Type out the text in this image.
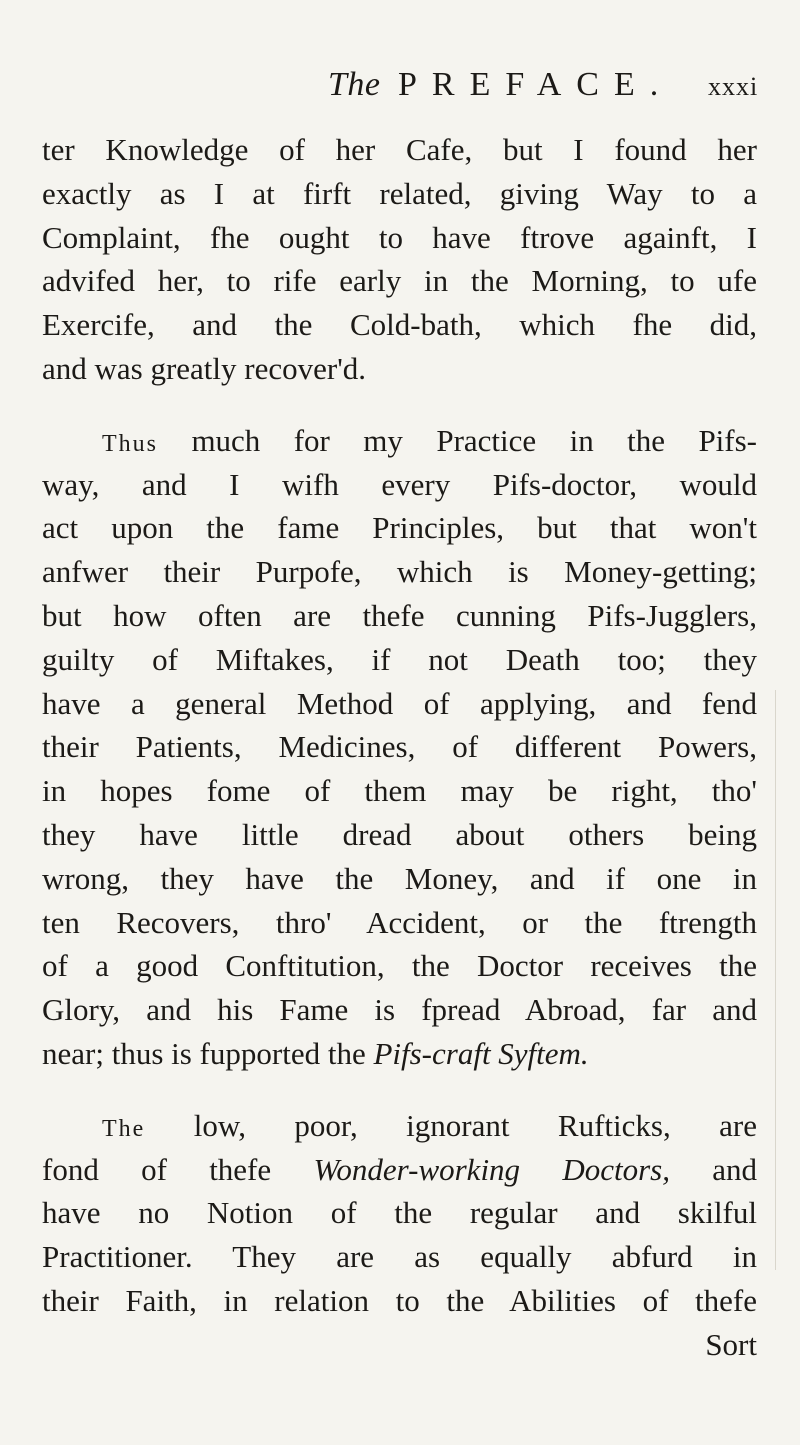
The PREFACE. xxxi
ter Knowledge of her Cafe, but I found her
exactly as I at firft related, giving Way to a
Complaint, fhe ought to have ftrove againft, I
advifed her, to rife early in the Morning, to ufe
Exercife, and the Cold-bath, which fhe did,
and was greatly recover'd.
Thus much for my Practice in the Pifs-
way, and I wifh every Pifs-doctor, would
act upon the fame Principles, but that won't
anfwer their Purpofe, which is Money-getting;
but how often are thefe cunning Pifs-Jugglers,
guilty of Miftakes, if not Death too; they
have a general Method of applying, and fend
their Patients, Medicines, of different Powers,
in hopes fome of them may be right, tho'
they have little dread about others being
wrong, they have the Money, and if one in
ten Recovers, thro' Accident, or the ftrength
of a good Conftitution, the Doctor receives the
Glory, and his Fame is fpread Abroad, far and
near; thus is fupported the Pifs-craft Syftem.
The low, poor, ignorant Rufticks, are
fond of thefe Wonder-working Doctors, and
have no Notion of the regular and skilful
Practitioner. They are as equally abfurd in
their Faith, in relation to the Abilities of thefe
Sort
